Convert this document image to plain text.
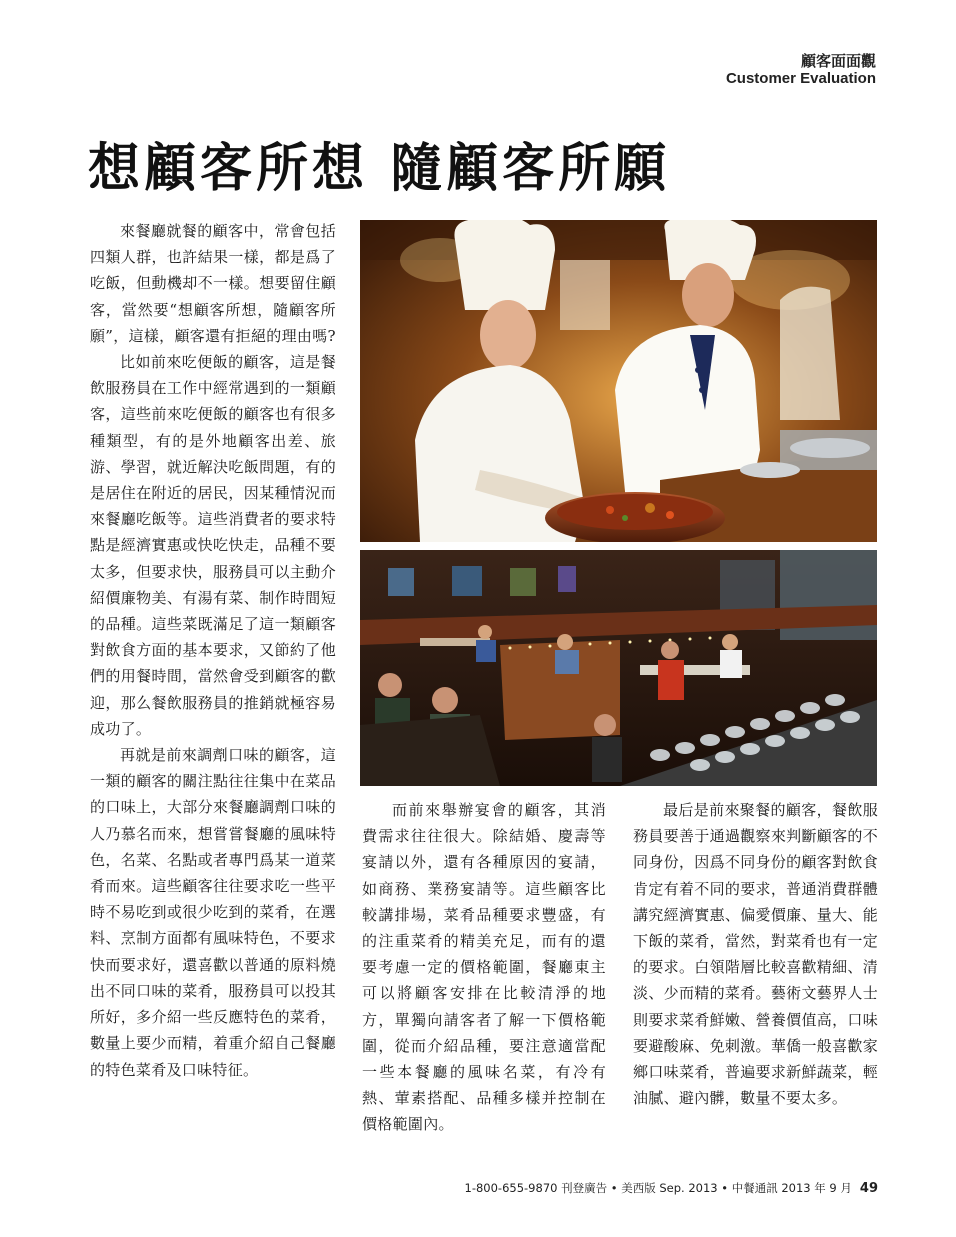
顧客面面觀
Customer Evaluation
想顧客所想 隨顧客所願

來餐廳就餐的顧客中，常會包括四類人群，也許結果一樣，都是爲了吃飯，但動機却不一樣。想要留住顧客，當然要“想顧客所想，隨顧客所願”，這樣，顧客還有拒絕的理由嗎?

比如前來吃便飯的顧客，這是餐飲服務員在工作中經常遇到的一類顧客，這些前來吃便飯的顧客也有很多種類型，有的是外地顧客出差、旅游、學習，就近解決吃飯問題，有的是居住在附近的居民，因某種情況而來餐廳吃飯等。這些消費者的要求特點是經濟實惠或快吃快走，品種不要太多，但要求快，服務員可以主動介紹價廉物美、有湯有菜、制作時間短的品種。這些菜既滿足了這一類顧客對飲食方面的基本要求，又節約了他們的用餐時間，當然會受到顧客的歡迎，那么餐飲服務員的推銷就極容易成功了。

再就是前來調劑口味的顧客，這一類的顧客的關注點往往集中在菜品的口味上，大部分來餐廳調劑口味的人乃慕名而來，想嘗嘗餐廳的風味特色，名菜、名點或者專門爲某一道菜肴而來。這些顧客往往要求吃一些平時不易吃到或很少吃到的菜肴，在選料、烹制方面都有風味特色，不要求快而要求好，還喜歡以普通的原料燒出不同口味的菜肴，服務員可以投其所好，多介紹一些反應特色的菜肴，數量上要少而精，着重介紹自己餐廳的特色菜肴及口味特征。

而前來舉辦宴會的顧客，其消費需求往往很大。除結婚、慶壽等宴請以外，還有各種原因的宴請，如商務、業務宴請等。這些顧客比較講排場，菜肴品種要求豐盛，有的注重菜肴的精美充足，而有的還要考慮一定的價格範圍，餐廳東主可以將顧客安排在比較清淨的地方，單獨向請客者了解一下價格範圍，從而介紹品種，要注意適當配一些本餐廳的風味名菜，有冷有熱、葷素搭配、品種多樣并控制在價格範圍內。

最后是前來聚餐的顧客，餐飲服務員要善于通過觀察來判斷顧客的不同身份，因爲不同身份的顧客對飲食肯定有着不同的要求，普通消費群體講究經濟實惠、偏愛價廉、量大、能下飯的菜肴，當然，對菜肴也有一定的要求。白領階層比較喜歡精細、清淡、少而精的菜肴。藝術文藝界人士則要求菜肴鮮嫩、營養價值高，口味要避酸麻、免刺激。華僑一般喜歡家鄉口味菜肴，普遍要求新鮮蔬菜，輕油膩、避內髒，數量不要太多。

1-800-655-9870 刊登廣告 • 美西版 Sep. 2013 • 中餐通訊 2013 年 9 月 49
